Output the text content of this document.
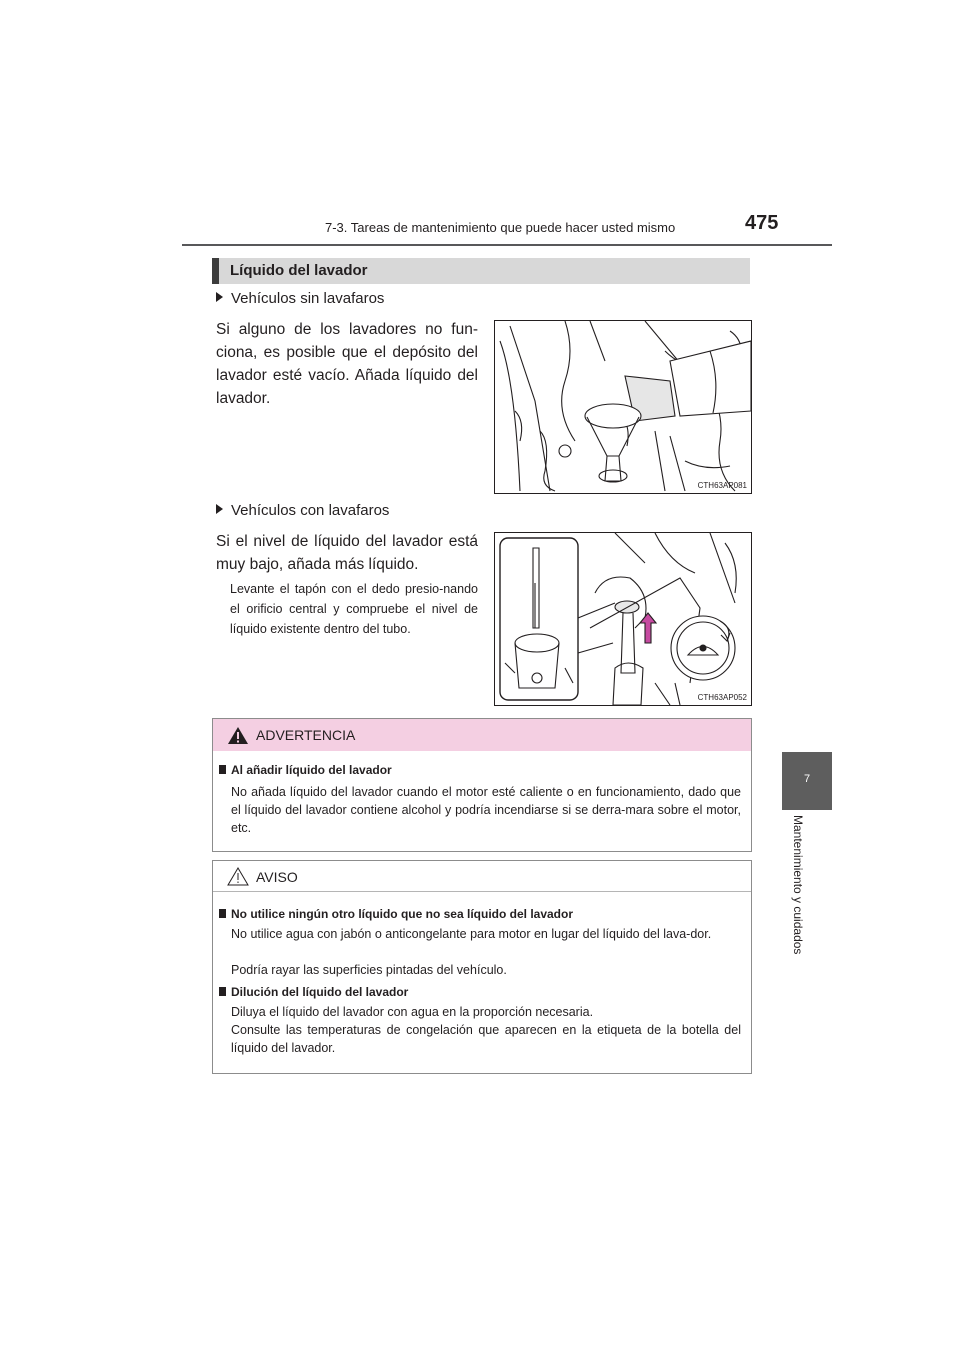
7-3. Tareas de mantenimiento que puede hacer usted mismo	475
7
Mantenimiento y cuidados
Líquido del lavador
Vehículos sin lavafaros
Si alguno de los lavadores no fun-ciona, es posible que el depósito del lavador esté vacío. Añada líquido del lavador.
CTH63AP081
Vehículos con lavafaros
Si el nivel de líquido del lavador está muy bajo, añada más líquido.
Levante el tapón con el dedo presio-nando el orificio central y compruebe el nivel de líquido existente dentro del tubo.
CTH63AP052
ADVERTENCIA
Al añadir líquido del lavador
No añada líquido del lavador cuando el motor esté caliente o en funcionamiento, dado que el líquido del lavador contiene alcohol y podría incendiarse si se derra-mara sobre el motor, etc.
AVISO
No utilice ningún otro líquido que no sea líquido del lavador
No utilice agua con jabón o anticongelante para motor en lugar del líquido del lava-dor.
Podría rayar las superficies pintadas del vehículo.
Dilución del líquido del lavador
Diluya el líquido del lavador con agua en la proporción necesaria.
Consulte las temperaturas de congelación que aparecen en la etiqueta de la botella del líquido del lavador.
